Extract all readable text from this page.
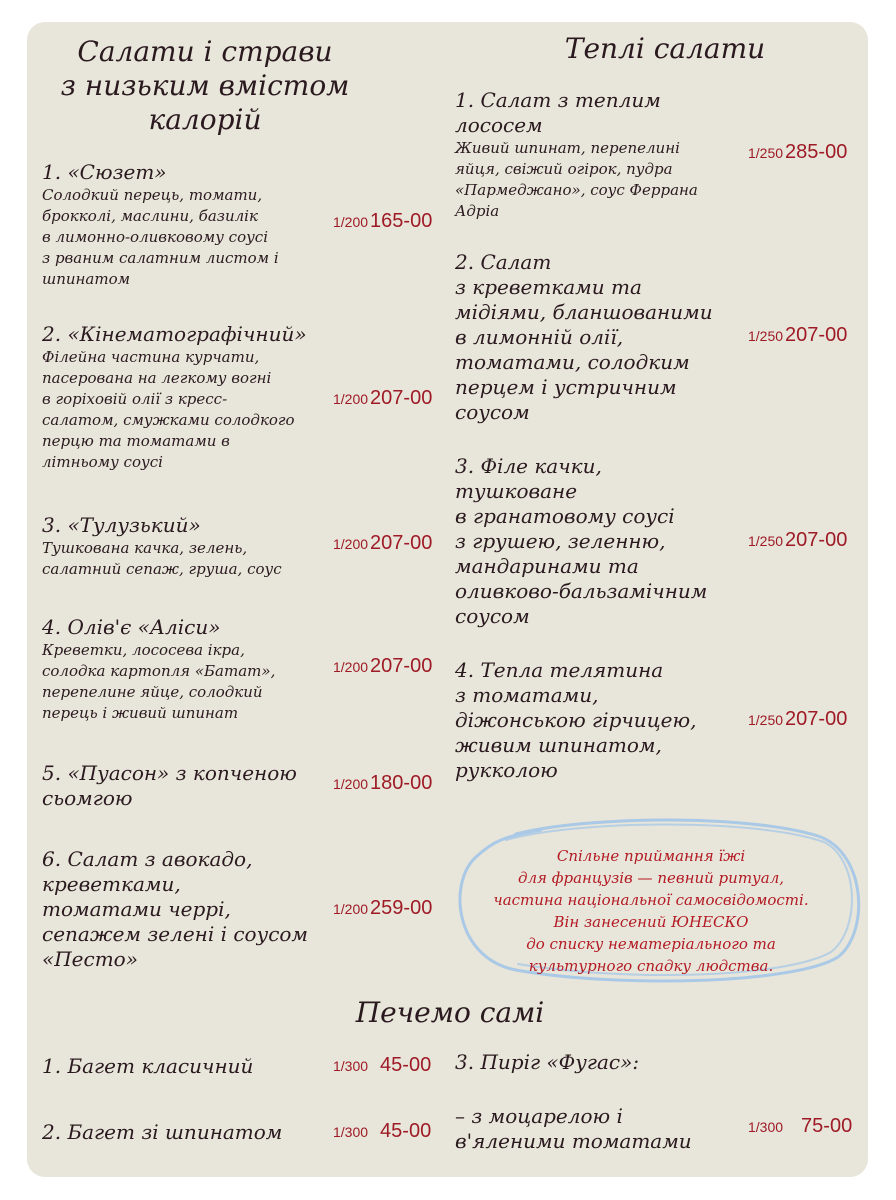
Салати і страви
з низьким вмістом
калорій

1. «Сюзет»

Солодкий перець, томати,

брокколі, маслини, базилік

в лимонно-оливковому соусі

з рваним салатним листом і

шпинатом

1/200 165-00

2. «Кінематографічний»

Філейна частина курчати,

пасерована на легкому вогні

в горіховій олії з кресс-

салатом, смужками солодкого

перцю та томатами в

літньому соусі

1/200 207-00

3. «Тулузький»

Тушкована качка, зелень,

салатний сепаж, груша, соус

1/200 207-00

4. Олів'є «Аліси»

Креветки, лососева ікра,

солодка картопля «Батат»,

перепелине яйце, солодкий

перець і живий шпинат

1/200 207-00

5. «Пуасон» з копченою

сьомгою

1/200 180-00

6. Салат з авокадо,

креветками,

томатами черрі,

сепажем зелені і соусом

«Песто»

1/200 259-00
Теплі салати

1. Салат з теплим

лососем

Живий шпинат, перепелині

яйця, свіжий огірок, пудра

«Пармеджано», соус Феррана

Адріа

1/250 285-00

2. Салат

з креветками та

мідіями, бланшованими

в лимонній олії,

томатами, солодким

перцем і устричним

соусом

1/250 207-00

3. Філе качки,

тушковане

в гранатовому соусі

з грушею, зеленню,

мандаринами та

оливково-бальзамічним

соусом

1/250 207-00

4. Тепла телятина

з томатами,

діжонською гірчицею,

живим шпинатом,

рукколою

1/250 207-00
Спільне приймання їжі
для французів — певний ритуал,
частина національної самосвідомості.
Він занесений ЮНЕСКО
до списку нематеріального та
культурного спадку людства.
Печемо самі

1. Багет класичний	1/300 45-00

2. Багет зі шпинатом	1/300 45-00

3. Пиріг «Фугас»:

– з моцарелою і

в'яленими томатами

1/300 75-00
